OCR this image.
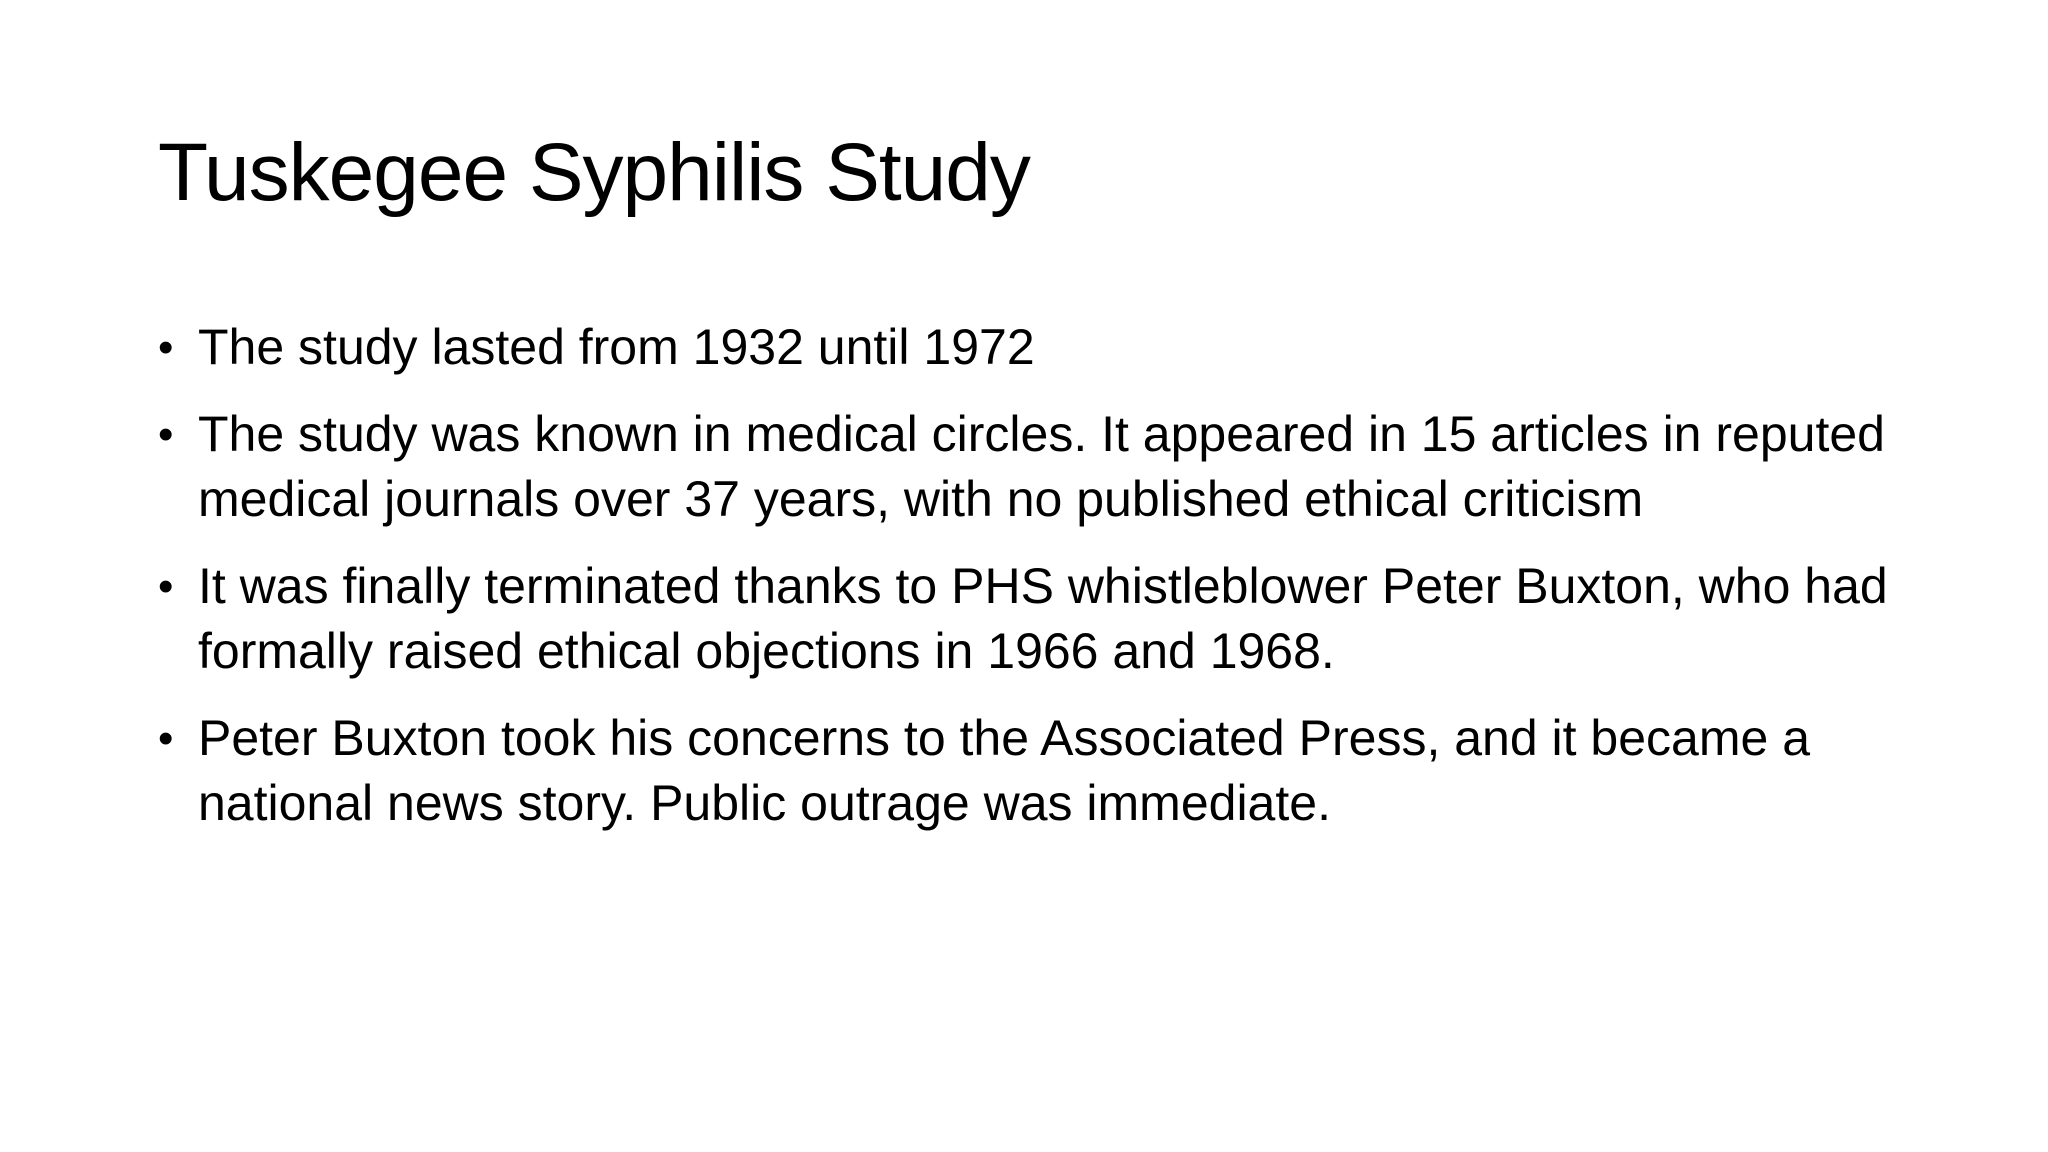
Tuskegee Syphilis Study
• The study lasted from 1932 until 1972
• The study was known in medical circles. It appeared in 15 articles in reputed medical journals over 37 years, with no published ethical criticism
• It was finally terminated thanks to PHS whistleblower Peter Buxton, who had formally raised ethical objections in 1966 and 1968.
• Peter Buxton took his concerns to the Associated Press, and it became a national news story. Public outrage was immediate.
